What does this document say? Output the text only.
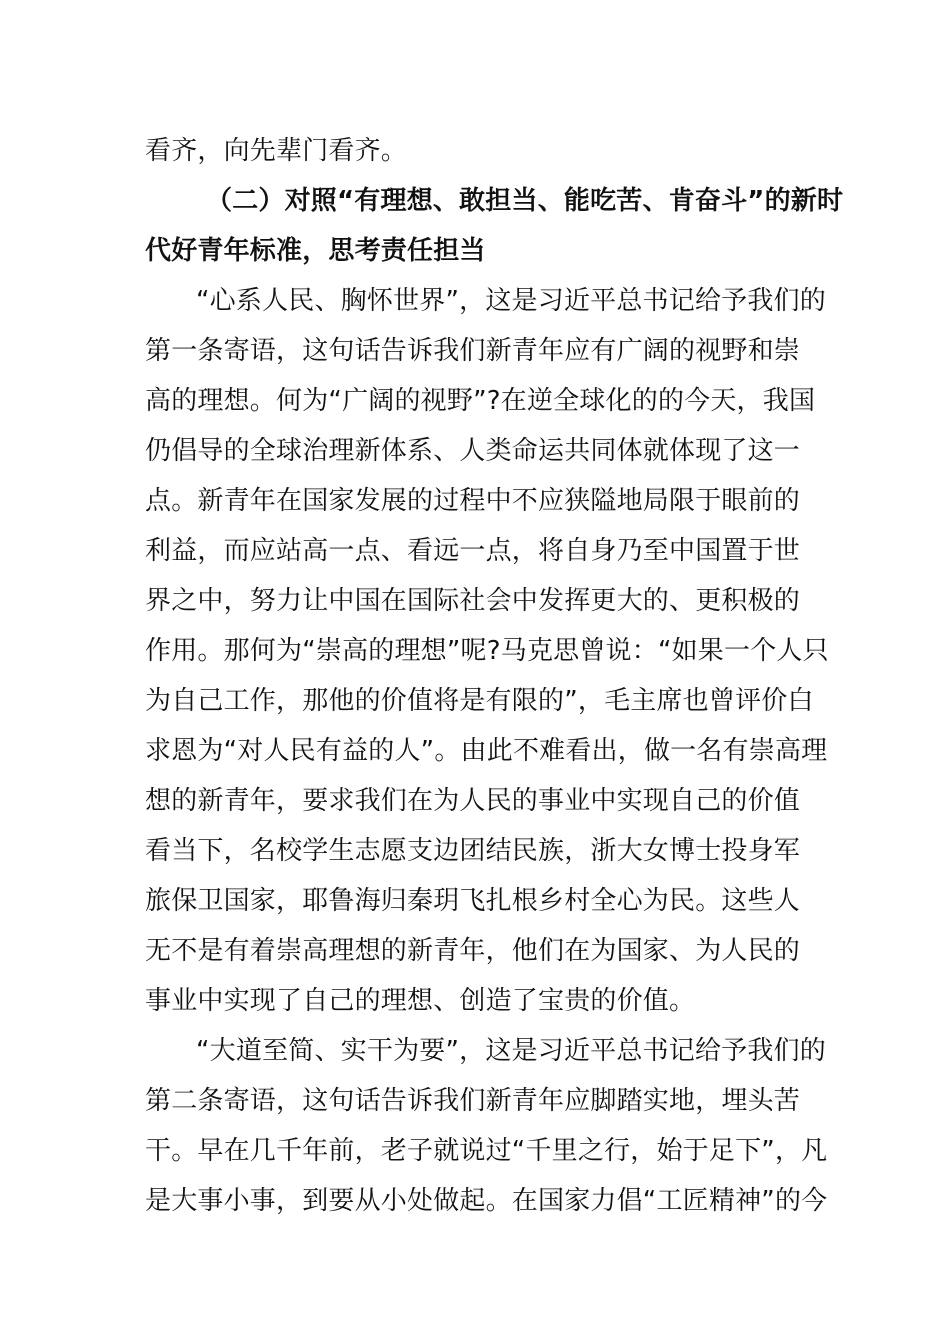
看齐，向先辈门看齐。
（二）对照“有理想、敢担当、能吃苦、肯奋斗”的新时
代好青年标准，思考责任担当
“心系人民、胸怀世界”，这是习近平总书记给予我们的
第一条寄语，这句话告诉我们新青年应有广阔的视野和崇
高的理想。何为“广阔的视野”?在逆全球化的的今天，我国
仍倡导的全球治理新体系、人类命运共同体就体现了这一
点。新青年在国家发展的过程中不应狭隘地局限于眼前的
利益，而应站高一点、看远一点，将自身乃至中国置于世
界之中，努力让中国在国际社会中发挥更大的、更积极的
作用。那何为“崇高的理想”呢?马克思曾说：“如果一个人只
为自己工作，那他的价值将是有限的”，毛主席也曾评价白
求恩为“对人民有益的人”。由此不难看出，做一名有崇高理
想的新青年，要求我们在为人民的事业中实现自己的价值
看当下，名校学生志愿支边团结民族，浙大女博士投身军
旅保卫国家，耶鲁海归秦玥飞扎根乡村全心为民。这些人
无不是有着崇高理想的新青年，他们在为国家、为人民的
事业中实现了自己的理想、创造了宝贵的价值。
“大道至简、实干为要”，这是习近平总书记给予我们的
第二条寄语，这句话告诉我们新青年应脚踏实地，埋头苦
干。早在几千年前，老子就说过“千里之行，始于足下”，凡
是大事小事，到要从小处做起。在国家力倡“工匠精神”的今
